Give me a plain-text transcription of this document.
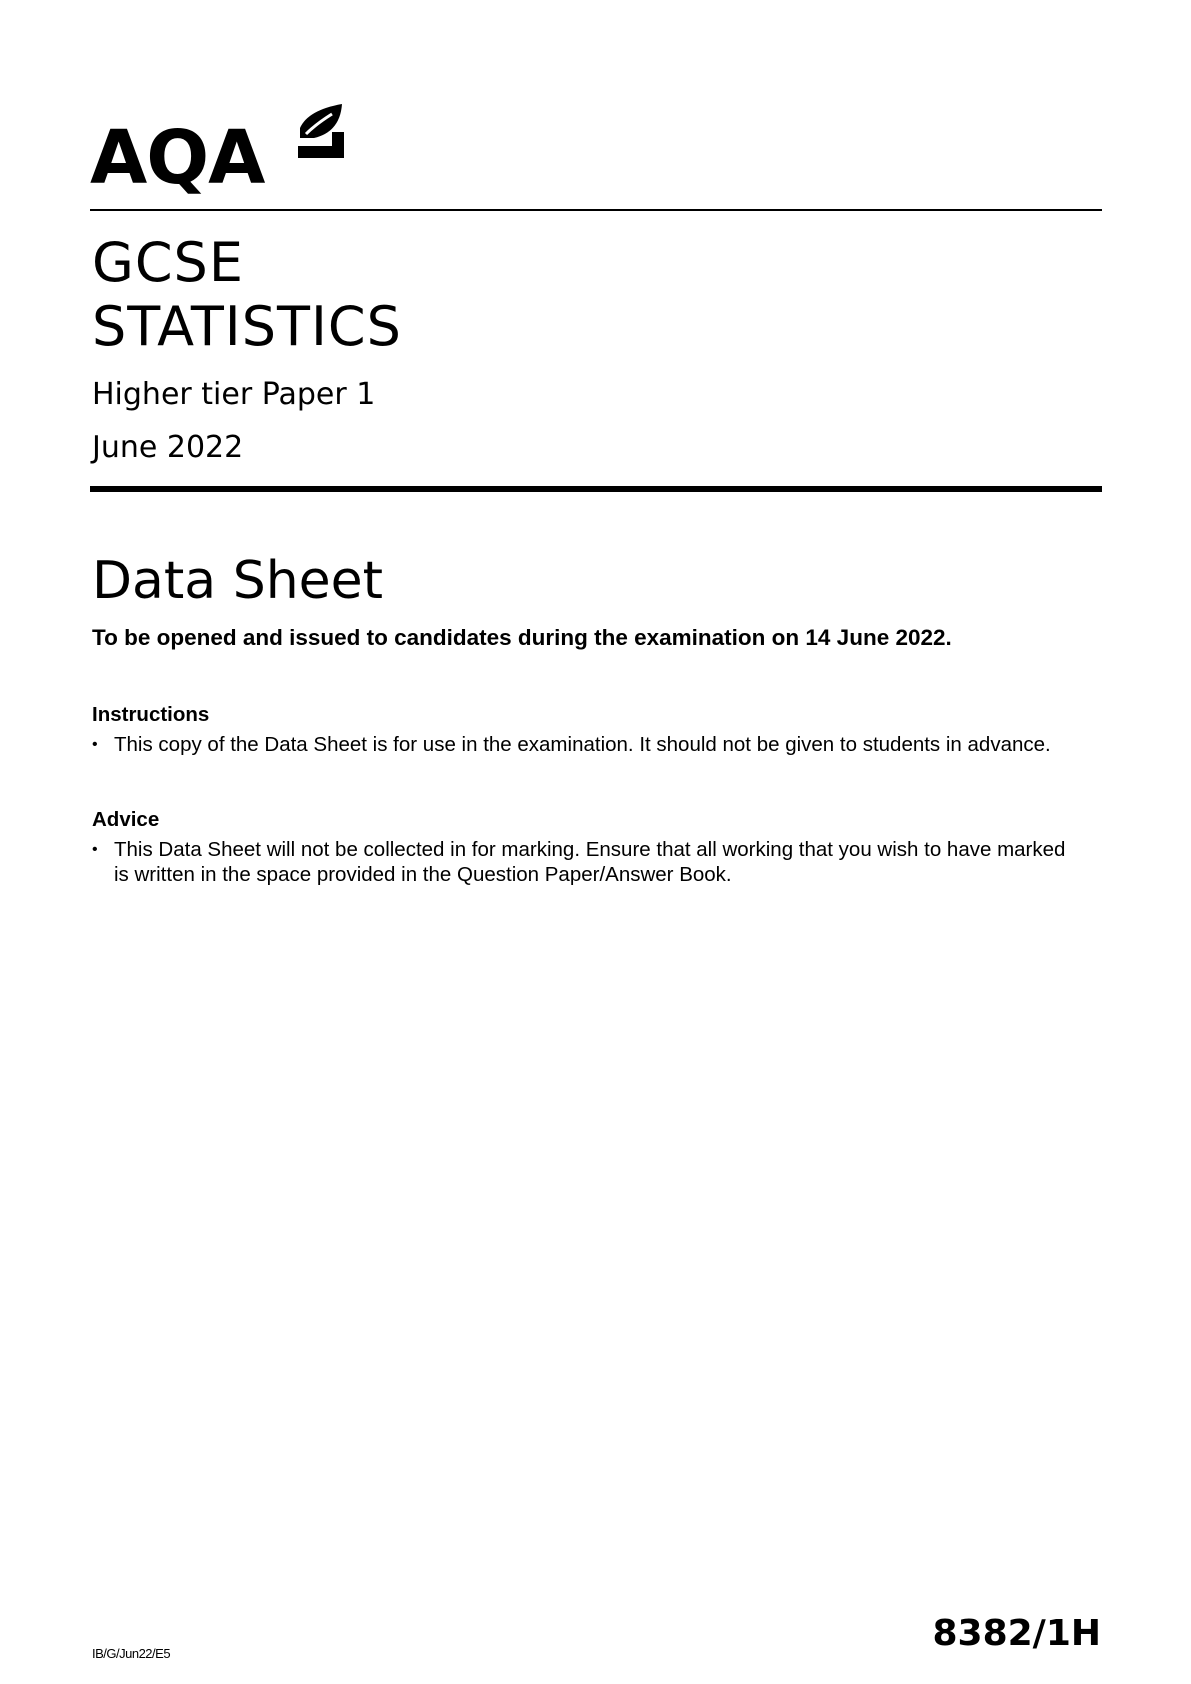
AQA
GCSE
STATISTICS
Higher tier Paper 1
June 2022
Data Sheet
To be opened and issued to candidates during the examination on 14 June 2022.
Instructions
• This copy of the Data Sheet is for use in the examination. It should not be given to students in advance.
Advice
• This Data Sheet will not be collected in for marking. Ensure that all working that you wish to have marked is written in the space provided in the Question Paper/Answer Book.
IB/G/Jun22/E5	8382/1H
